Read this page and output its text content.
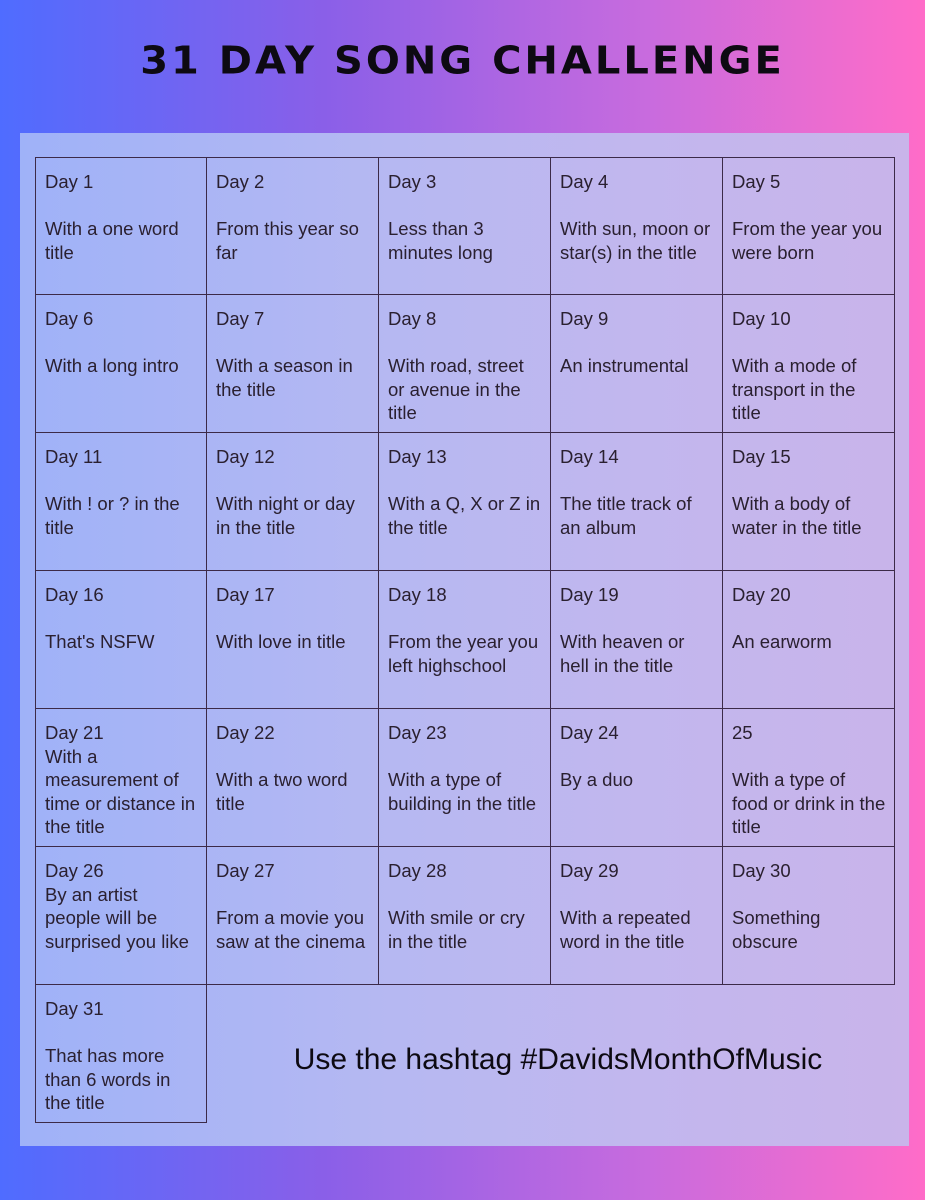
31 DAY SONG CHALLENGE
Day 1
With a one word title
Day 2
From this year so far
Day 3
Less than 3 minutes long
Day 4
With sun, moon or star(s) in the title
Day 5
From the year you were born
Day 6
With a long intro
Day 7
With a season in the title
Day 8
With road, street or avenue in the title
Day 9
An instrumental
Day 10
With a mode of transport in the title
Day 11
With ! or ? in the title
Day 12
With night or day in the title
Day 13
With a Q, X or Z in the title
Day 14
The title track of an album
Day 15
With a body of water in the title
Day 16
That's NSFW
Day 17
With love in title
Day 18
From the year you left highschool
Day 19
With heaven or hell in the title
Day 20
An earworm
Day 21
With a measurement of time or distance in the title
Day 22
With a two word title
Day 23
With a type of building in the title
Day 24
By a duo
25
With a type of food or drink in the title
Day 26
By an artist people will be surprised you like
Day 27
From a movie you saw at the cinema
Day 28
With smile or cry in the title
Day 29
With a repeated word in the title
Day 30
Something obscure
Day 31
That has more than 6 words in the title
Use the hashtag #DavidsMonthOfMusic
